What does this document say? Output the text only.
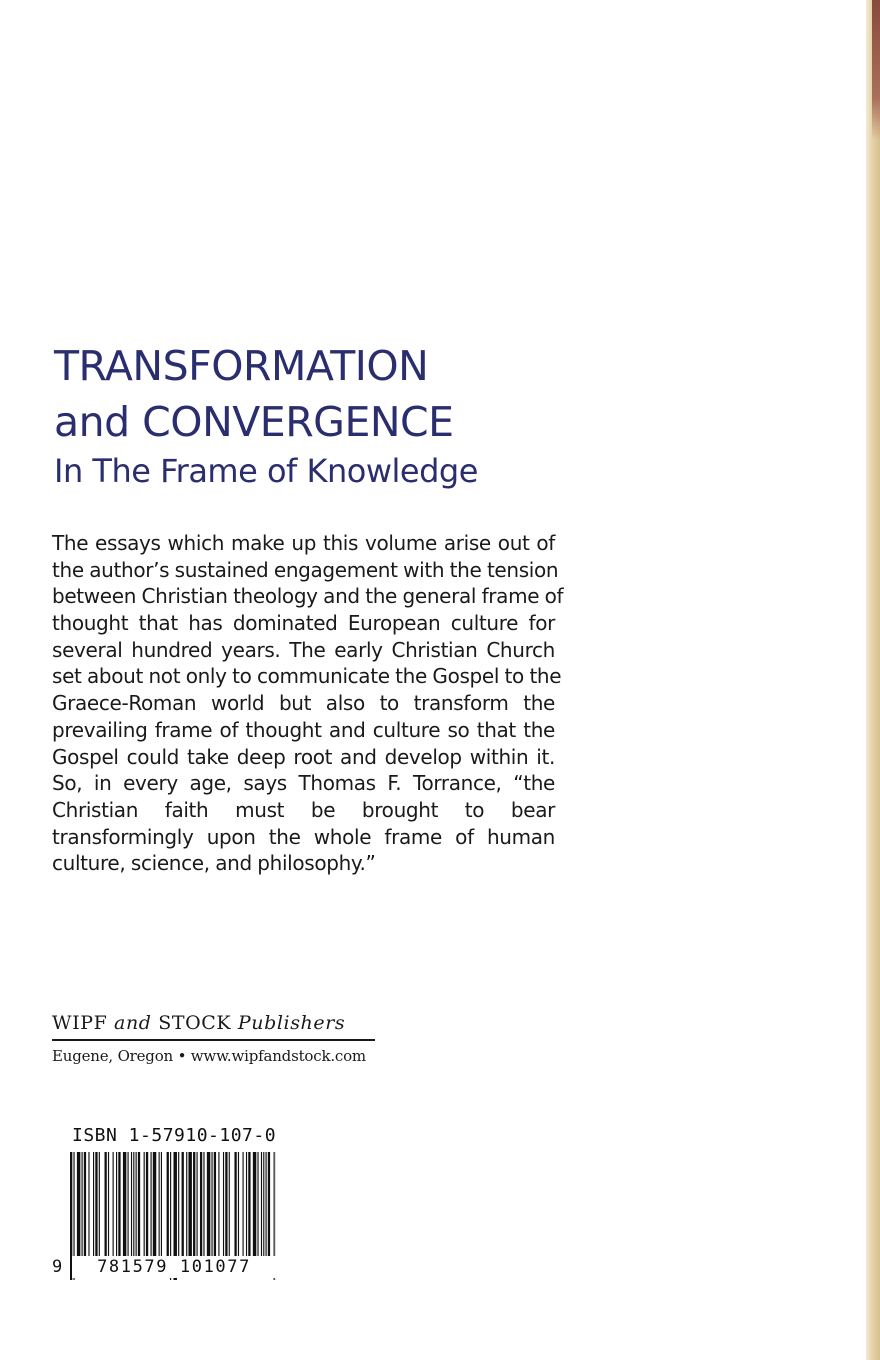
TRANSFORMATION
and CONVERGENCE
In The Frame of Knowledge
The essays which make up this volume arise out of
the author’s sustained engagement with the tension
between Christian theology and the general frame of
thought that has dominated European culture for
several hundred years. The early Christian Church
set about not only to communicate the Gospel to the
Graece-Roman world but also to transform the
prevailing frame of thought and culture so that the
Gospel could take deep root and develop within it.
So, in every age, says Thomas F. Torrance, “the
Christian faith must be brought to bear
transformingly upon the whole frame of human
culture, science, and philosophy.”
WIPF and STOCK Publishers
Eugene, Oregon • www.wipfandstock.com
ISBN 1-57910-107-0
9	781579 101077
